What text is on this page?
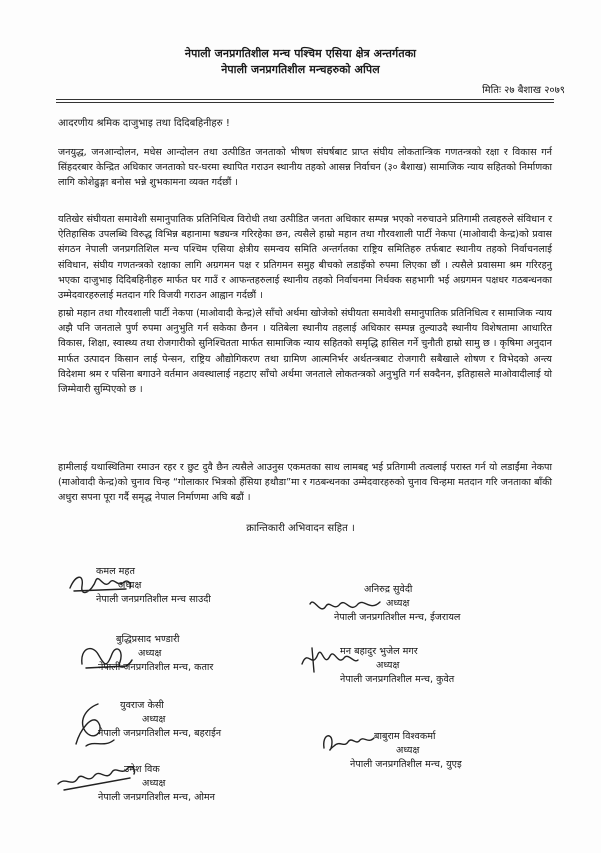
नेपाली जनप्रगतिशील मन्च पश्चिम एसिया क्षेत्र अन्तर्गतका
नेपाली जनप्रगतिशील मन्चहरुको अपिल
मितिः २७ बैशाख २०७९
आदरणीय श्रमिक दाजुभाइ तथा दिदिबहिनीहरु !

जनयुद्ध, जनआन्दोलन, मधेस आन्दोलन तथा उत्पीडित जनताको भीषण संघर्षबाट प्राप्त संघीय लोकतान्त्रिक गणतन्त्रको रक्षा र विकास गर्न सिंहदरबार केन्द्रित अधिकार जनताको घर-घरमा स्थापित गराउन स्थानीय तहको आसन्न निर्वाचन (३० बैशाख) सामाजिक न्याय सहितको निर्माणका लागि कोशेढुङ्गा बनोस भन्ने शुभकामना व्यक्त गर्दछौं ।

यतिखेर संघीयता समावेशी समानुपातिक प्रतिनिधित्व विरोधी तथा उत्पीडित जनता अधिकार सम्पन्न भएको नरुचाउने प्रतिगामी तत्वहरुले संविधान र ऐतिहासिक उपलब्धि विरुद्ध विभिन्न बहानामा षड्यन्त्र गरिरहेका छन, त्यसैले हाम्रो महान तथा गौरवशाली पार्टी नेकपा (माओवादी केन्द्र)को प्रवास संगठन नेपाली जनप्रगतिशिल मन्च पश्चिम एसिया क्षेत्रीय समन्वय समिति अन्तर्गतका राष्ट्रिय समितिहरु तर्फबाट स्थानीय तहको निर्वाचनलाई संविधान, संघीय गणतन्त्रको रक्षाका लागि अग्रगमन पक्ष र प्रतिगमन समुह बीचको लडाइँको रुपमा लिएका छौं । त्यसैले प्रवासमा श्रम गरिरहनु भएका दाजुभाइ दिदिबहिनीहरु मार्फत घर गाउँ र आफन्तहरुलाई स्थानीय तहको निर्वाचनमा निर्धक्क सहभागी भई अग्रगमन पक्षधर गठबन्धनका उम्मेदवारहरुलाई मतदान गरि विजयी गराउन आह्वान गर्दछौं ।

हाम्रो महान तथा गौरवशाली पार्टी नेकपा (माओवादी केन्द्र)ले साँचो अर्थमा खोजेको संघीयता समावेशी समानुपातिक प्रतिनिधित्व र सामाजिक न्याय अझै पनि जनताले पुर्ण रुपमा अनुभुति गर्न सकेका छैनन । यतिबेला स्थानीय तहलाई अधिकार सम्पन्न तुल्याउदै स्थानीय विशेषतामा आधारित विकास, शिक्षा, स्वास्थ्य तथा रोजगारीको सुनिश्चितता मार्फत सामाजिक न्याय सहितको समृद्धि हासिल गर्ने चुनौती हाम्रो सामु छ । कृषिमा अनुदान मार्फत उत्पादन किसान लाई पेन्सन, राष्ट्रिय औद्योगिकरण तथा ग्रामिण आत्मनिर्भर अर्थतन्त्रबाट रोजगारी सबैखाले शोषण र विभेदको अन्त्य विदेशमा श्रम र पसिना बगाउने वर्तमान अवस्थालाई नहटाए साँचो अर्थमा जनताले लोकतन्त्रको अनुभुति गर्न सक्दैनन, इतिहासले माओवादीलाई यो जिम्मेवारी सुम्पिएको छ ।

हामीलाई यथास्थितिमा रमाउन रहर र छुट दुवै छैन त्यसैले आउनुस एकमतका साथ लामबद्द भई प्रतिगामी तत्वलाई परास्त गर्न यो लडाईंमा नेकपा (माओवादी केन्द्र)को चुनाव चिन्ह “गोलाकार भित्रको हँसिया हथौडा”मा र गठबन्धनका उम्मेदवारहरुको चुनाव चिन्हमा मतदान गरि जनताका बाँकी अधुरा सपना पूरा गर्दै समृद्ध नेपाल निर्माणमा अघि बढौं ।

क्रान्तिकारी अभिवादन सहित ।
कमल महत
अध्यक्ष
नेपाली जनप्रगतिशील मन्च साउदी
अनिरुद्र सुवेदी
अध्यक्ष
नेपाली जनप्रगतिशील मन्च, ईजरायल
बुद्धिप्रसाद भण्डारी
अध्यक्ष
नेपाली जनप्रगतिशील मन्च, कतार
मन बहादुर भुजेल मगर
अध्यक्ष
नेपाली जनप्रगतिशील मन्च, कुवेत
युवराज केसी
अध्यक्ष
नेपाली जनप्रगतिशील मन्च, बहराईन	बाबुराम विश्वकर्मा
अध्यक्ष
नेपाली जनप्रगतिशील मन्च, युएइ
उमेश विक
अध्यक्ष
नेपाली जनप्रगतिशील मन्च, ओमन
